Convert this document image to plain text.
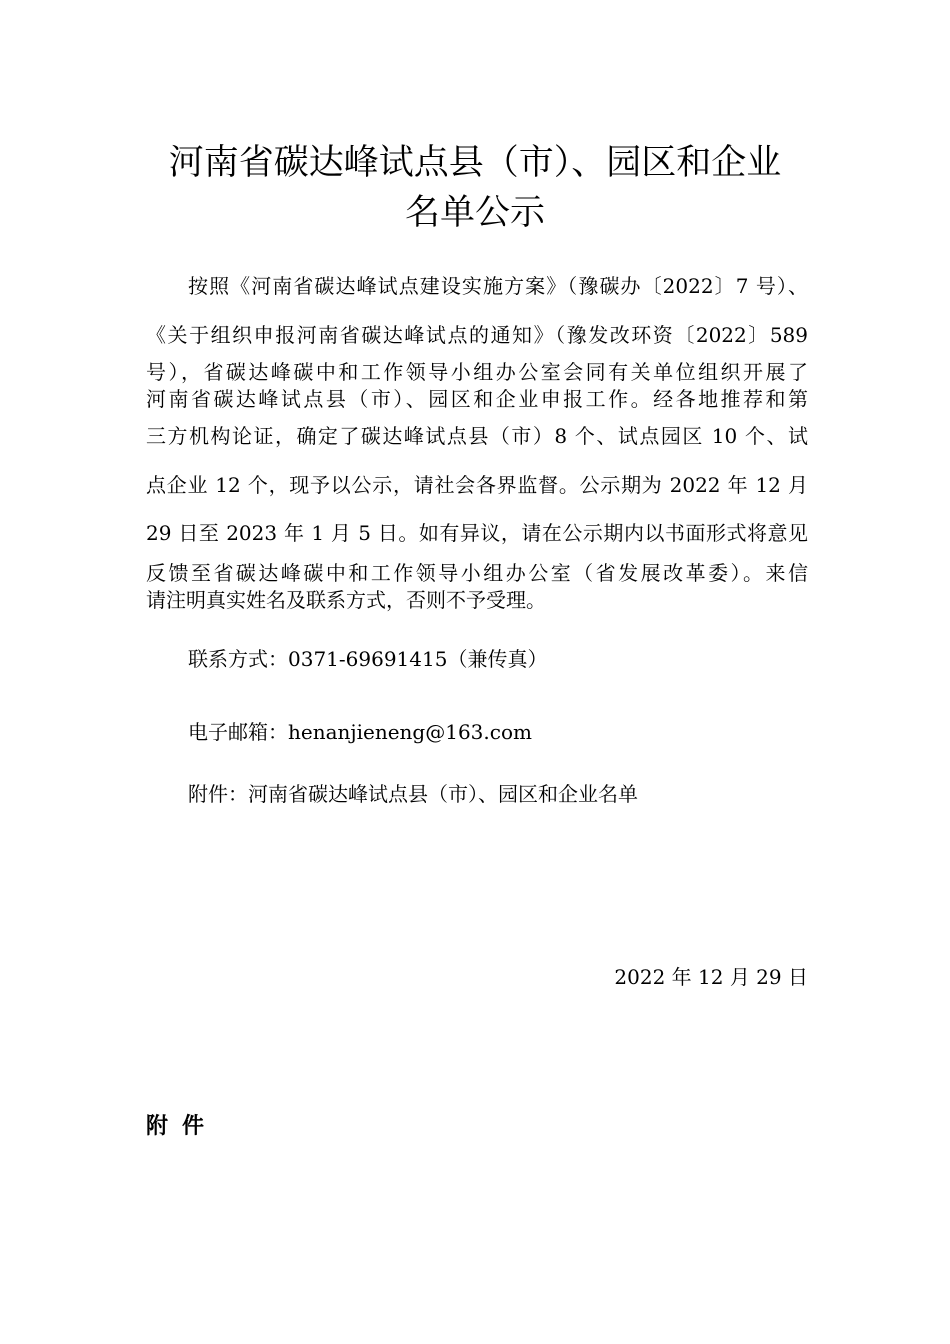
河南省碳达峰试点县（市）、园区和企业
名单公示
按照《河南省碳达峰试点建设实施方案》（豫碳办〔2022〕7 号）、
《关于组织申报河南省碳达峰试点的通知》（豫发改环资〔2022〕589
号），省碳达峰碳中和工作领导小组办公室会同有关单位组织开展了
河南省碳达峰试点县（市）、园区和企业申报工作。经各地推荐和第
三方机构论证，确定了碳达峰试点县（市）8 个、试点园区 10 个、试
点企业 12 个，现予以公示，请社会各界监督。公示期为 2022 年 12 月
29 日至 2023 年 1 月 5 日。如有异议，请在公示期内以书面形式将意见
反馈至省碳达峰碳中和工作领导小组办公室（省发展改革委）。来信
请注明真实姓名及联系方式，否则不予受理。
联系方式：0371-69691415（兼传真）
电子邮箱：henanjieneng@163.com
附件：河南省碳达峰试点县（市）、园区和企业名单
2022 年 12 月 29 日
附件
